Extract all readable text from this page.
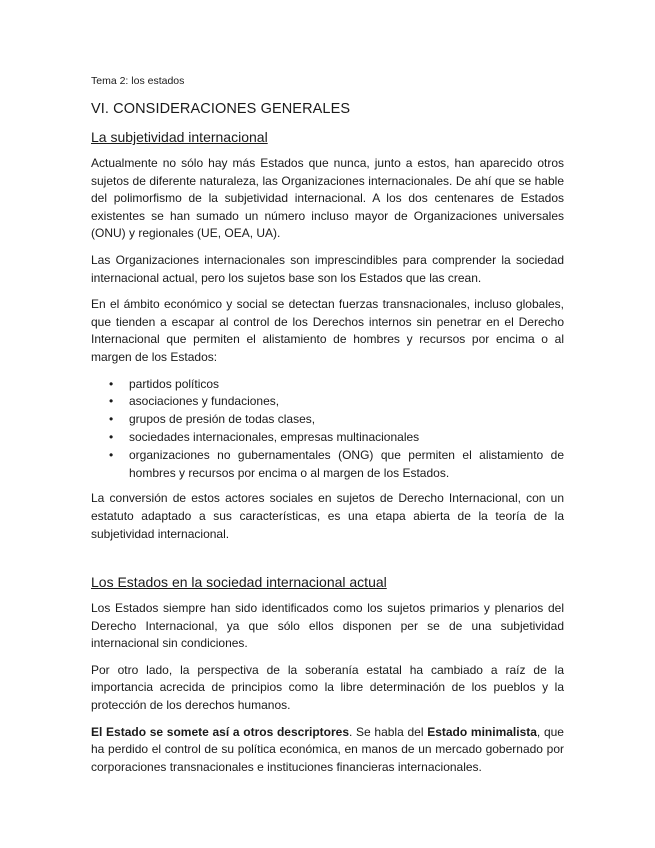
Tema 2: los estados
VI. CONSIDERACIONES GENERALES
La subjetividad internacional

Actualmente no sólo hay más Estados que nunca, junto a estos, han aparecido otros sujetos de diferente naturaleza, las Organizaciones internacionales. De ahí que se hable del polimorfismo de la subjetividad internacional. A los dos centenares de Estados existentes se han sumado un número incluso mayor de Organizaciones universales (ONU) y regionales (UE, OEA, UA).

Las Organizaciones internacionales son imprescindibles para comprender la sociedad internacional actual, pero los sujetos base son los Estados que las crean.

En el ámbito económico y social se detectan fuerzas transnacionales, incluso globales, que tienden a escapar al control de los Derechos internos sin penetrar en el Derecho Internacional que permiten el alistamiento de hombres y recursos por encima o al margen de los Estados:

• partidos políticos
• asociaciones y fundaciones,
• grupos de presión de todas clases,
• sociedades internacionales, empresas multinacionales
• organizaciones no gubernamentales (ONG) que permiten el alistamiento de hombres y recursos por encima o al margen de los Estados.

La conversión de estos actores sociales en sujetos de Derecho Internacional, con un estatuto adaptado a sus características, es una etapa abierta de la teoría de la subjetividad internacional.

Los Estados en la sociedad internacional actual

Los Estados siempre han sido identificados como los sujetos primarios y plenarios del Derecho Internacional, ya que sólo ellos disponen per se de una subjetividad internacional sin condiciones.

Por otro lado, la perspectiva de la soberanía estatal ha cambiado a raíz de la importancia acrecida de principios como la libre determinación de los pueblos y la protección de los derechos humanos.

El Estado se somete así a otros descriptores. Se habla del Estado minimalista, que ha perdido el control de su política económica, en manos de un mercado gobernado por corporaciones transnacionales e instituciones financieras internacionales.
